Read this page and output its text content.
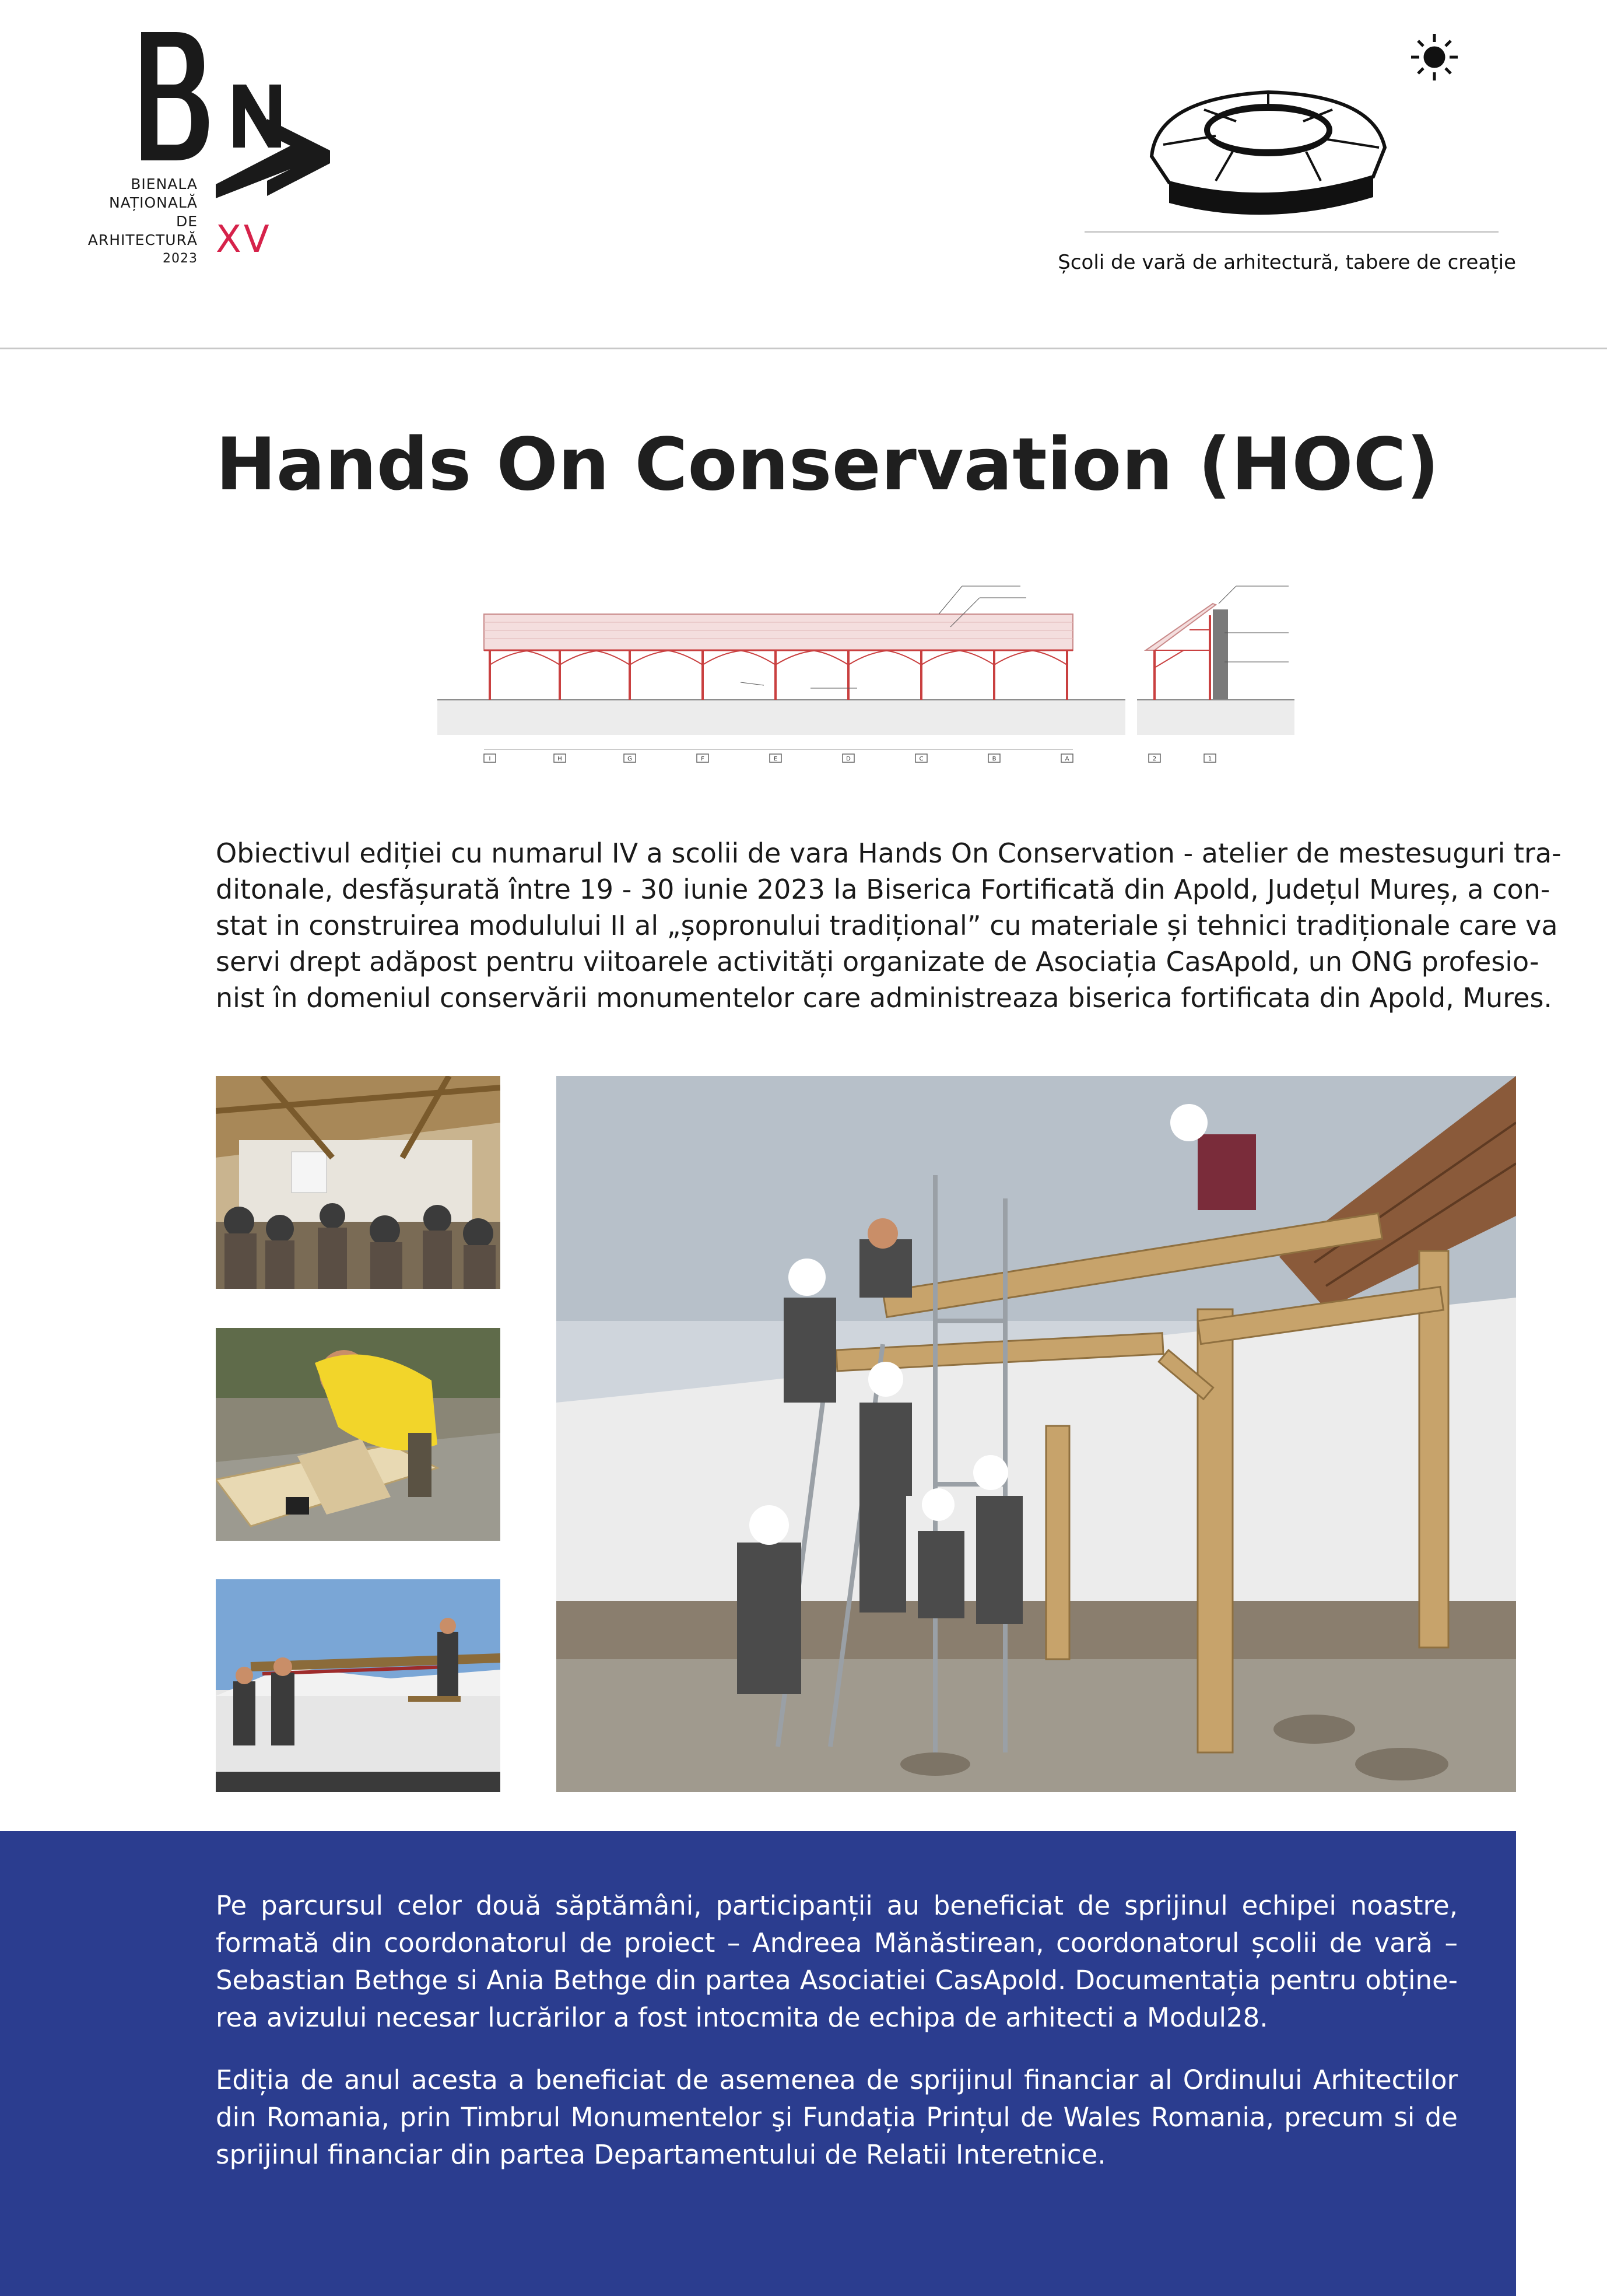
BIENALA
NAȚIONALĂ
DE
ARHITECTURĂ
2023 XV
Școli de vară de arhitectură, tabere de creație
Hands On Conservation (HOC)
I	H	G	F	E	D	C	B	A	2	1
Obiectivul ediției cu numarul IV a scolii de vara Hands On Conservation - atelier de mestesuguri tra-
ditonale, desfășurată între 19 - 30 iunie 2023 la Biserica Fortificată din Apold, Județul Mureș, a con-
stat in construirea modulului II al „șopronului tradițional” cu materiale și tehnici tradiționale care va
servi drept adăpost pentru viitoarele activități organizate de Asociația CasApold, un ONG profesio-
nist în domeniul conservării monumentelor care administreaza biserica fortificata din Apold, Mures.
Pe parcursul celor două săptămâni, participanții au beneficiat de sprijinul echipei noastre,
formată din coordonatorul de proiect – Andreea Mănăstirean, coordonatorul școlii de vară –
Sebastian Bethge si Ania Bethge din partea Asociatiei CasApold. Documentația pentru obține-
rea avizului necesar lucrărilor a fost intocmita de echipa de arhitecti a Modul28.
Ediția de anul acesta a beneficiat de asemenea de sprijinul financiar al Ordinului Arhitectilor
din Romania, prin Timbrul Monumentelor şi Fundația Prințul de Wales Romania, precum si de
sprijinul financiar din partea Departamentului de Relatii Interetnice.
